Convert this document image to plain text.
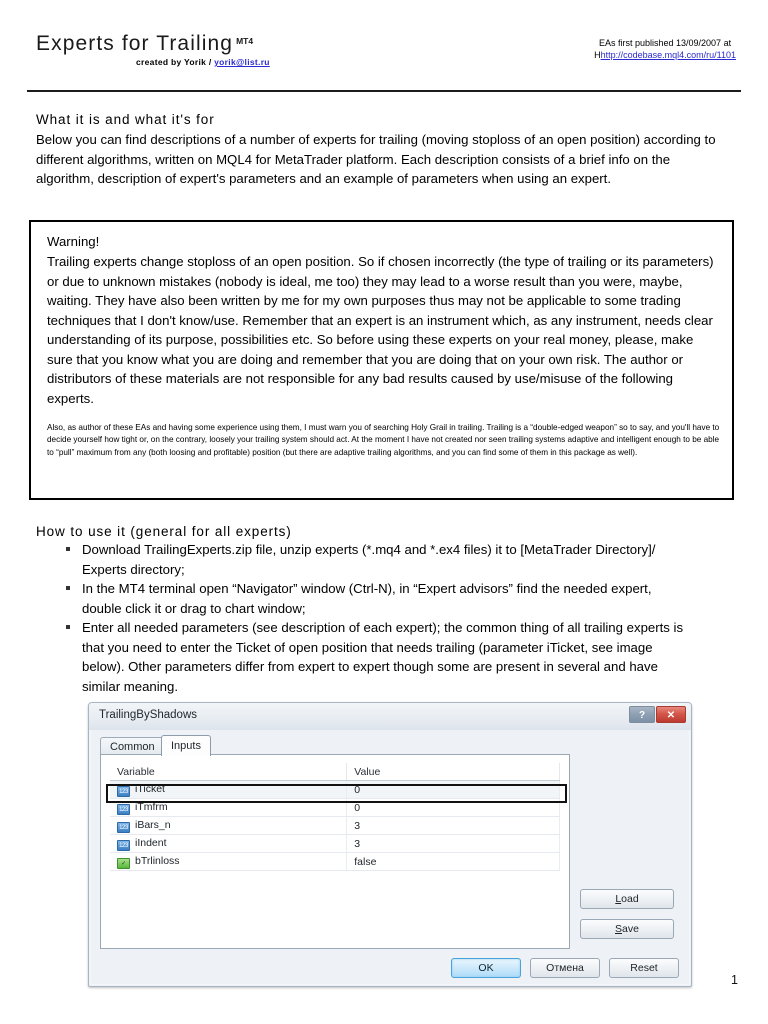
Experts for Trailing $^{MT4}$
created by Yorik / yorik@list.ru
EAs first published 13/09/2007 at
Hhttp://codebase.mql4.com/ru/1101
What it is and what it's for
Below you can find descriptions of a number of experts for trailing (moving stoploss of an open position) according to different algorithms, written on MQL4 for MetaTrader platform. Each description consists of a brief info on the algorithm, description of expert's parameters and an example of parameters when using an expert.
Warning!
Trailing experts change stoploss of an open position. So if chosen incorrectly (the type of trailing or its parameters) or due to unknown mistakes (nobody is ideal, me too) they may lead to a worse result than you were, maybe, waiting. They have also been written by me for my own purposes thus may not be applicable to some trading techniques that I don't know/use. Remember that an expert is an instrument which, as any instrument, needs clear understanding of its purpose, possibilities etc. So before using these experts on your real money, please, make sure that you know what you are doing and remember that you are doing that on your own risk. The author or distributors of these materials are not responsible for any bad results caused by use/misuse of the following experts.
Also, as author of these EAs and having some experience using them, I must warn you of searching Holy Grail in trailing. Trailing is a “double-edged weapon” so to say, and you'll have to decide yourself how tight or, on the contrary, loosely your trailing system should act. At the moment I have not created nor seen trailing systems adaptive and intelligent enough to be able to “pull” maximum from any (both loosing and profitable) position (but there are adaptive trailing algorithms, and you can find some of them in this package as well).
How to use it (general for all experts)
Download TrailingExperts.zip file, unzip experts (*.mq4 and *.ex4 files) it to [MetaTrader Directory]/ Experts directory;
In the MT4 terminal open “Navigator” window (Ctrl-N), in “Expert advisors” find the needed expert, double click it or drag to chart window;
Enter all needed parameters (see description of each expert); the common thing of all trailing experts is that you need to enter the Ticket of open position that needs trailing (parameter iTicket, see image below). Other parameters differ from expert to expert though some are present in several and have similar meaning.
TrailingByShadows	?	✕
Common	Inputs
Variable	Value
123 iTicket	0
123 iTmfrm	0
123 iBars_n	3
123 iIndent	3
✓ bTrlinloss	false
Load
Save
OK	Отмена	Reset
1
